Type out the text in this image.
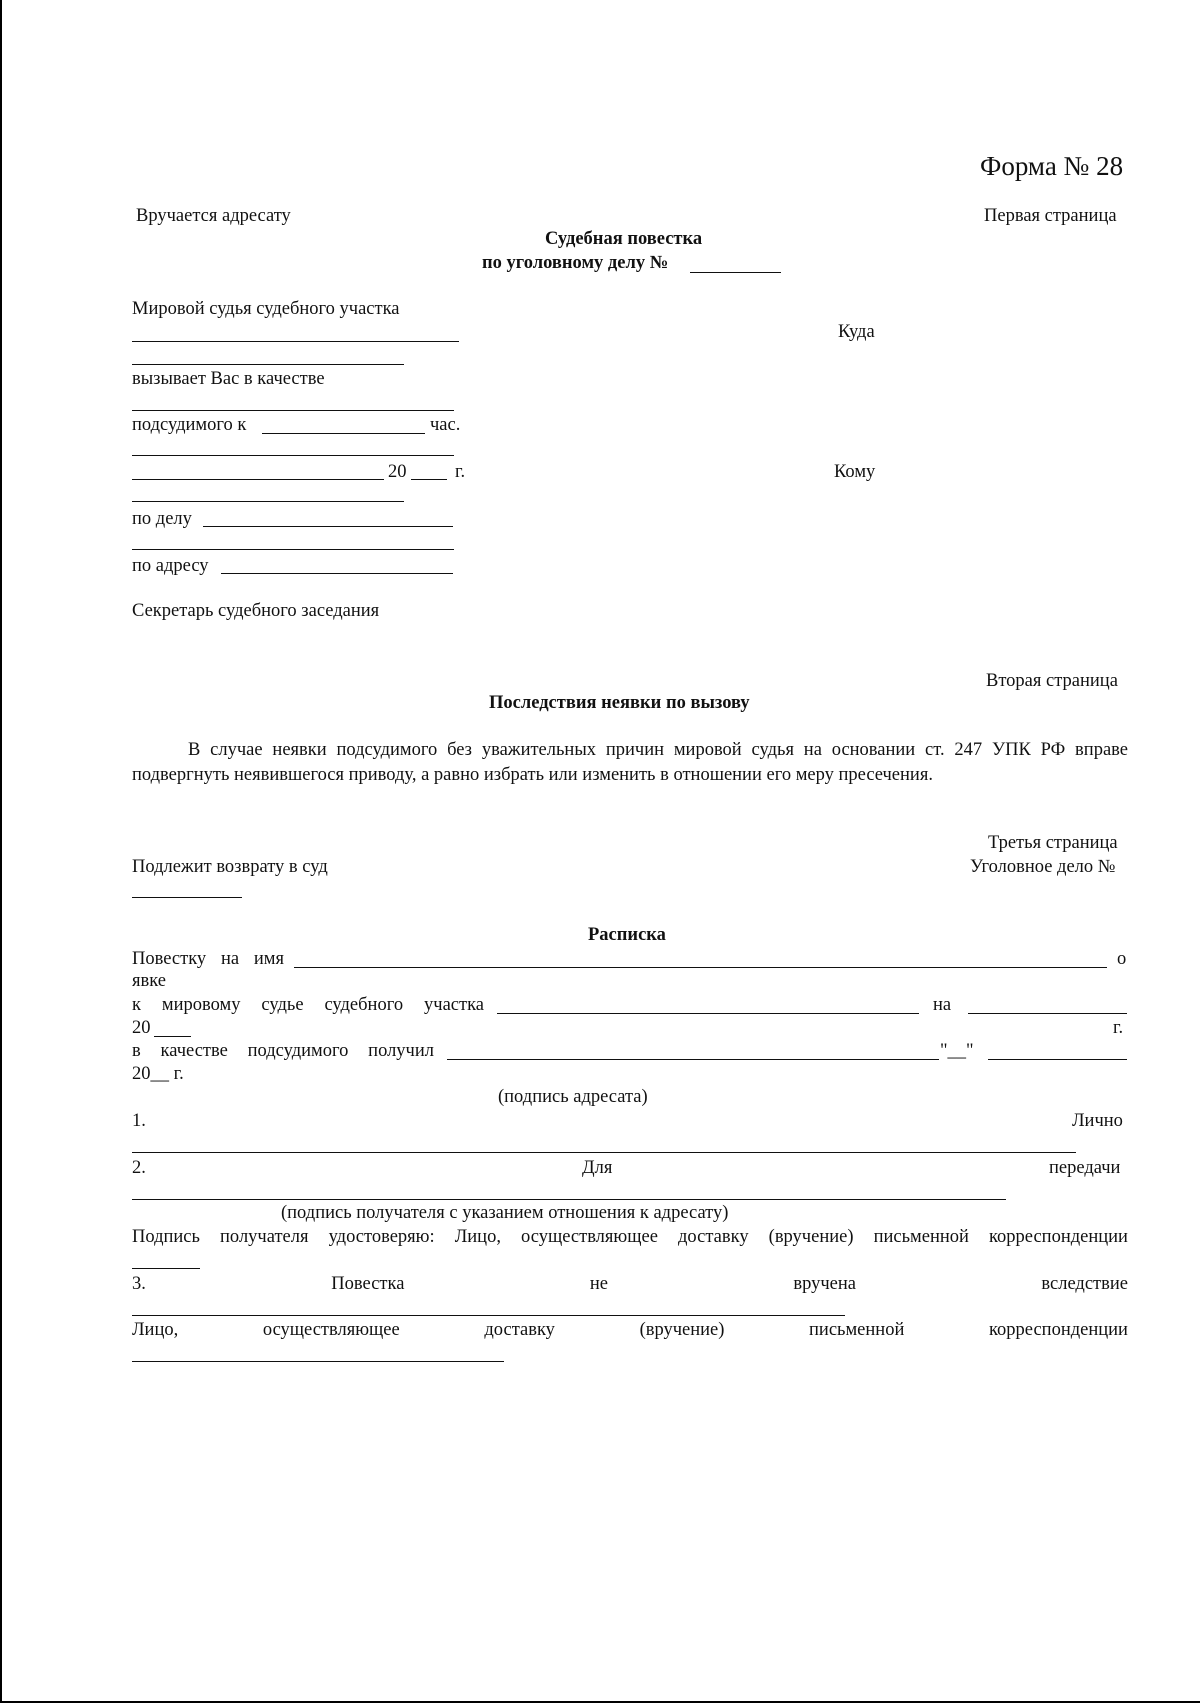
Форма № 28
Вручается адресату	Первая страница
Судебная повестка
по уголовному делу №
Мировой судья судебного участка
Куда
вызывает Вас в качестве
подсудимого к	час.
20	г.	Кому
по делу
по адресу
Секретарь судебного заседания
Вторая страница
Последствия неявки по вызову
В случае неявки подсудимого без уважительных причин мировой судья на основании ст. 247 УПК РФ вправе подвергнуть неявившегося приводу, а равно избрать или изменить в отношении его меру пресечения.
Третья страница
Уголовное дело №
Подлежит возврату в суд
Расписка
Повестку на имя	о
явке
к мировому судье судебного участка	на
20	г.
в качестве подсудимого получил	"__"
20__ г.
(подпись адресата)
1.	Лично
2.	Для	передачи
(подпись получателя с указанием отношения к адресату)
Подпись получателя удостоверяю: Лицо, осуществляющее доставку (вручение) письменной корреспонденции
3.	Повестка	не	вручена	вследствие
Лицо,	осуществляющее	доставку	(вручение)	письменной	корреспонденции
